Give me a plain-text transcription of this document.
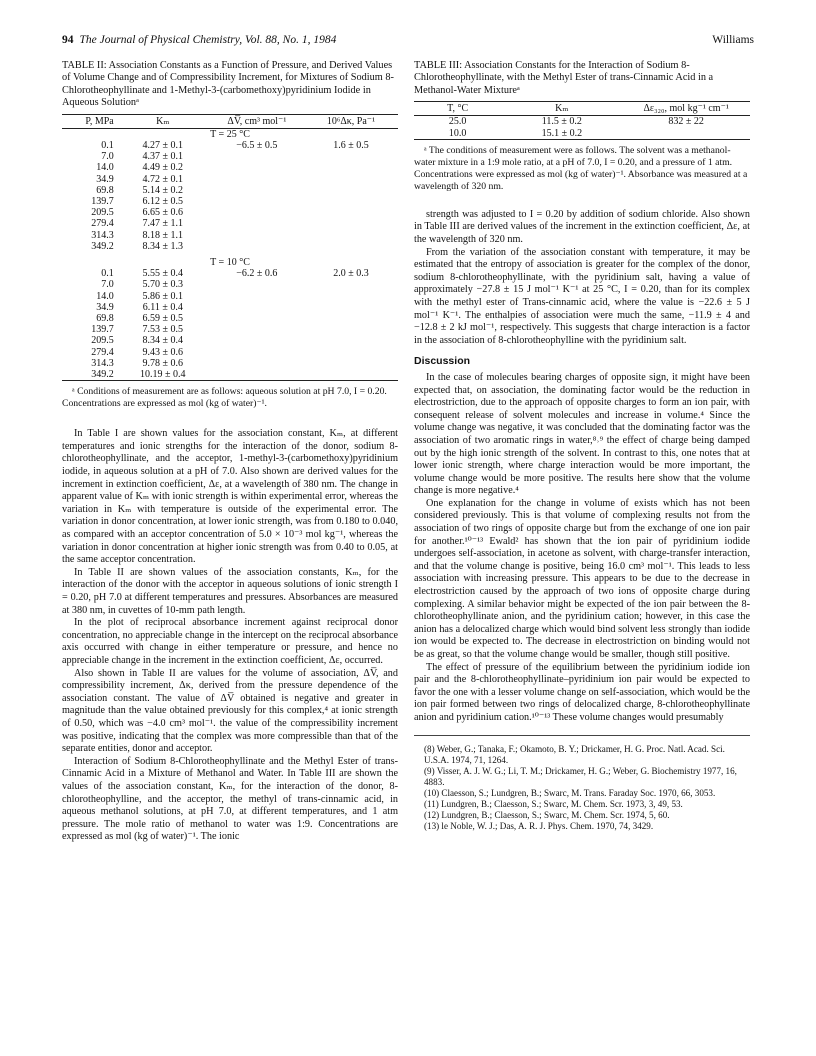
94 The Journal of Physical Chemistry, Vol. 88, No. 1, 1984	Williams
TABLE II: Association Constants as a Function of Pressure, and Derived Values of Volume Change and of Compressibility Increment, for Mixtures of Sodium 8-Chlorotheophyllinate and 1-Methyl-3-(carbomethoxy)pyridinium Iodide in Aqueous Solutionᵃ
P, MPa	Kₘ	ΔV̅, cm³ mol⁻¹	10⁶Δκ, Pa⁻¹

T = 25 °C			
0.1	4.27 ± 0.1	−6.5 ± 0.5	1.6 ± 0.5
7.0	4.37 ± 0.1		
14.0	4.49 ± 0.2		
34.9	4.72 ± 0.1		
69.8	5.14 ± 0.2		
139.7	6.12 ± 0.5		
209.5	6.65 ± 0.6		
279.4	7.47 ± 1.1		
314.3	8.18 ± 1.1		
349.2	8.34 ± 1.3		
T = 10 °C			
0.1	5.55 ± 0.4	−6.2 ± 0.6	2.0 ± 0.3
7.0	5.70 ± 0.3		
14.0	5.86 ± 0.1		
34.9	6.11 ± 0.4		
69.8	6.59 ± 0.5		
139.7	7.53 ± 0.5		
209.5	8.34 ± 0.4		
279.4	9.43 ± 0.6		
314.3	9.78 ± 0.6		
349.2	10.19 ± 0.4		
ᵃ Conditions of measurement are as follows: aqueous solution at pH 7.0, I = 0.20. Concentrations are expressed as mol (kg of water)⁻¹.

In Table I are shown values for the association constant, Kₘ, at different temperatures and ionic strengths for the interaction of the donor, sodium 8-chlorotheophyllinate, and the acceptor, 1-methyl-3-(carbomethoxy)pyridinium iodide, in aqueous solution at a pH of 7.0. Also shown are derived values for the increment in extinction coefficient, Δε, at a wavelength of 380 nm. The change in apparent value of Kₘ with ionic strength is within experimental error, whereas the variation in Kₘ with temperature is outside of the experimental error. The variation in donor concentration, at lower ionic strength, was from 0.180 to 0.040, as compared with an acceptor concentration of 5.0 × 10⁻³ mol kg⁻¹, whereas the variation in donor concentration at higher ionic strength was from 0.40 to 0.05, at the same acceptor concentration.

In Table II are shown values of the association constants, Kₘ, for the interaction of the donor with the acceptor in aqueous solutions of ionic strength I = 0.20, pH 7.0 at different temperatures and pressures. Absorbances are measured at 380 nm, in cuvettes of 10-mm path length.

In the plot of reciprocal absorbance increment against reciprocal donor concentration, no appreciable change in the intercept on the reciprocal absorbance axis occurred with change in either temperature or pressure, and hence no appreciable change in the increment in the extinction coefficient, Δε, occurred.

Also shown in Table II are values for the volume of association, ΔV̅, and compressibility increment, Δκ, derived from the pressure dependence of the association constant. The value of ΔV̅ obtained is negative and greater in magnitude than the value obtained previously for this complex,⁴ at ionic strength of 0.50, which was −4.0 cm³ mol⁻¹. the value of the compressibility increment was positive, indicating that the complex was more compressible than that of the separate entities, donor and acceptor.

Interaction of Sodium 8-Chlorotheophyllinate and the Methyl Ester of trans-Cinnamic Acid in a Mixture of Methanol and Water. In Table III are shown the values of the association constant, Kₘ, for the interaction of the donor, 8-chlorotheophylline, and the acceptor, the methyl of trans-cinnamic acid, in aqueous methanol solutions, at pH 7.0, at different temperatures, and 1 atm pressure. The mole ratio of methanol to water was 1:9. Concentrations are expressed as mol (kg of water)⁻¹. The ionic

TABLE III: Association Constants for the Interaction of Sodium 8-Chlorotheophyllinate, with the Methyl Ester of trans-Cinnamic Acid in a Methanol-Water Mixtureᵃ
T, °C	Kₘ	Δε₃₂₀, mol kg⁻¹ cm⁻¹

25.0	11.5 ± 0.2	832 ± 22
10.0	15.1 ± 0.2	
ᵃ The conditions of measurement were as follows. The solvent was a methanol-water mixture in a 1:9 mole ratio, at a pH of 7.0, I = 0.20, and a pressure of 1 atm. Concentrations were expressed as mol (kg of water)⁻¹. Absorbance was measured at a wavelength of 320 nm.

strength was adjusted to I = 0.20 by addition of sodium chloride. Also shown in Table III are derived values of the increment in the extinction coefficient, Δε, at the wavelength of 320 nm.

From the variation of the association constant with temperature, it may be estimated that the entropy of association is greater for the complex of the donor, sodium 8-chlorotheophyllinate, with the pyridinium salt, having a value of approximately −27.8 ± 15 J mol⁻¹ K⁻¹ at 25 °C, I = 0.20, than for its complex with the methyl ester of Trans-cinnamic acid, where the value is −22.6 ± 5 J mol⁻¹ K⁻¹. The enthalpies of association were much the same, −11.9 ± 4 and −12.8 ± 2 kJ mol⁻¹, respectively. This suggests that charge interaction is a factor in the association of 8-chlorotheophylline with the pyridinium salt.

Discussion

In the case of molecules bearing charges of opposite sign, it might have been expected that, on association, the dominating factor would be the reduction in electrostriction, due to the approach of opposite charges to form an ion pair, with consequent release of solvent molecules and increase in volume.⁴ Since the volume change was negative, it was concluded that the dominating factor was the association of two aromatic rings in water,⁸˒⁹ the effect of charge being damped out by the high ionic strength of the solvent. In contrast to this, one notes that at lower ionic strength, where charge interaction would be more important, the volume change would be more positive. The results here show that the volume change is more negative.⁴

One explanation for the change in volume of exists which has not been considered previously. This is that volume of complexing results not from the association of two rings of opposite charge but from the exchange of one ion pair for another.¹⁰⁻¹³ Ewald² has shown that the ion pair of pyridinium iodide undergoes self-association, in acetone as solvent, with charge-transfer interaction, and that the volume change is positive, being 16.0 cm³ mol⁻¹. This leads to less association with increasing pressure. This appears to be due to the decrease in electrostriction caused by the approach of two ions of opposite charge during complexing. A similar behavior might be expected of the ion pair between the 8-chlorotheophyllinate anion, and the pyridinium cation; however, in this case the anion has a delocalized charge which would bind solvent less strongly than iodide ion would be expected to. The decrease in electrostriction on binding would not be as great, so that the volume change would be smaller, though still positive.

The effect of pressure of the equilibrium between the pyridinium iodide ion pair and the 8-chlorotheophyllinate–pyridinium ion pair would be expected to favor the one with a lesser volume change on self-association, which would be the ion pair formed between two rings of delocalized charge, 8-chlorotheophyllinate anion and pyridinium cation.¹⁰⁻¹³ These volume changes would presumably

(8) Weber, G.; Tanaka, F.; Okamoto, B. Y.; Drickamer, H. G. Proc. Natl. Acad. Sci. U.S.A. 1974, 71, 1264.
(9) Visser, A. J. W. G.; Li, T. M.; Drickamer, H. G.; Weber, G. Biochemistry 1977, 16, 4883.
(10) Claesson, S.; Lundgren, B.; Swarc, M. Trans. Faraday Soc. 1970, 66, 3053.
(11) Lundgren, B.; Claesson, S.; Swarc, M. Chem. Scr. 1973, 3, 49, 53.
(12) Lundgren, B.; Claesson, S.; Swarc, M. Chem. Scr. 1974, 5, 60.
(13) le Noble, W. J.; Das, A. R. J. Phys. Chem. 1970, 74, 3429.
